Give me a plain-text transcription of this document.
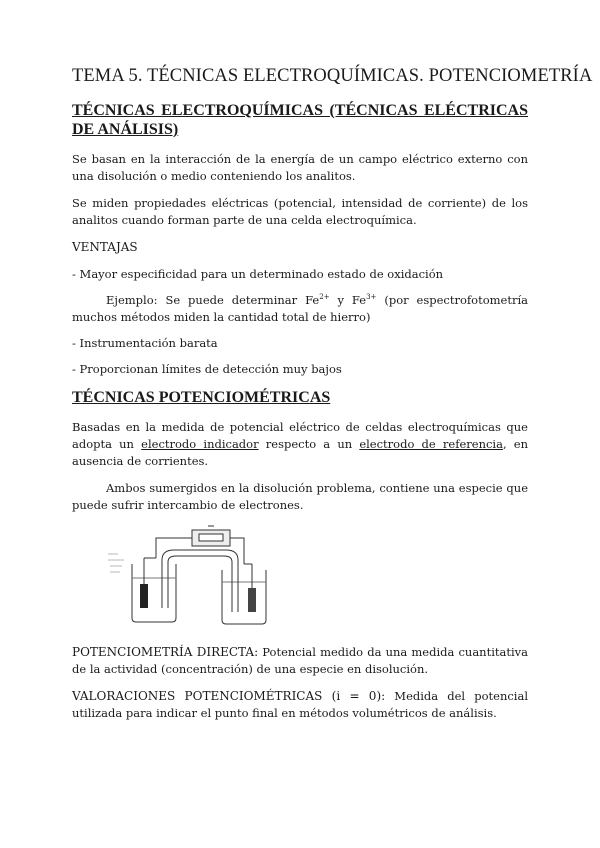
TEMA 5. TÉCNICAS ELECTROQUÍMICAS. POTENCIOMETRÍA
TÉCNICAS ELECTROQUÍMICAS (TÉCNICAS ELÉCTRICAS DE ANÁLISIS)

Se basan en la interacción de la energía de un campo eléctrico externo con una disolución o medio conteniendo los analitos.

Se miden propiedades eléctricas (potencial, intensidad de corriente) de los analitos cuando forman parte de una celda electroquímica.

VENTAJAS

- Mayor especificidad para un determinado estado de oxidación

Ejemplo: Se puede determinar $Fe^{2+}$ y $Fe^{3+}$ (por espectrofotometría muchos métodos miden la cantidad total de hierro)

- Instrumentación barata

- Proporcionan límites de detección muy bajos

TÉCNICAS POTENCIOMÉTRICAS

Basadas en la medida de potencial eléctrico de celdas electroquímicas que adopta un electrodo indicador respecto a un electrodo de referencia, en ausencia de corrientes.

Ambos sumergidos en la disolución problema, contiene una especie que puede sufrir intercambio de electrones.

POTENCIOMETRÍA DIRECTA: Potencial medido da una medida cuantitativa de la actividad (concentración) de una especie en disolución.

VALORACIONES POTENCIOMÉTRICAS (i = 0): Medida del potencial utilizada para indicar el punto final en métodos volumétricos de análisis.
